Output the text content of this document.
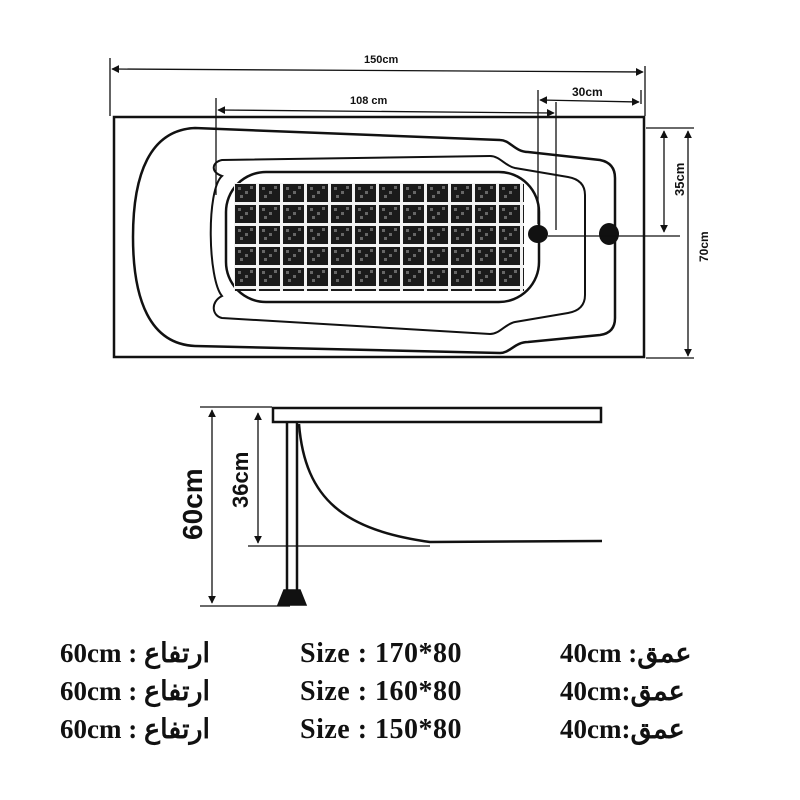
150cm
108 cm
30cm
35cm
70cm
60cm 36cm
60cm : ارتفاع	Size : 170*80	40cm :عمق
60cm : ارتفاع	Size : 160*80	40cm:عمق
60cm : ارتفاع	Size : 150*80	40cm:عمق
